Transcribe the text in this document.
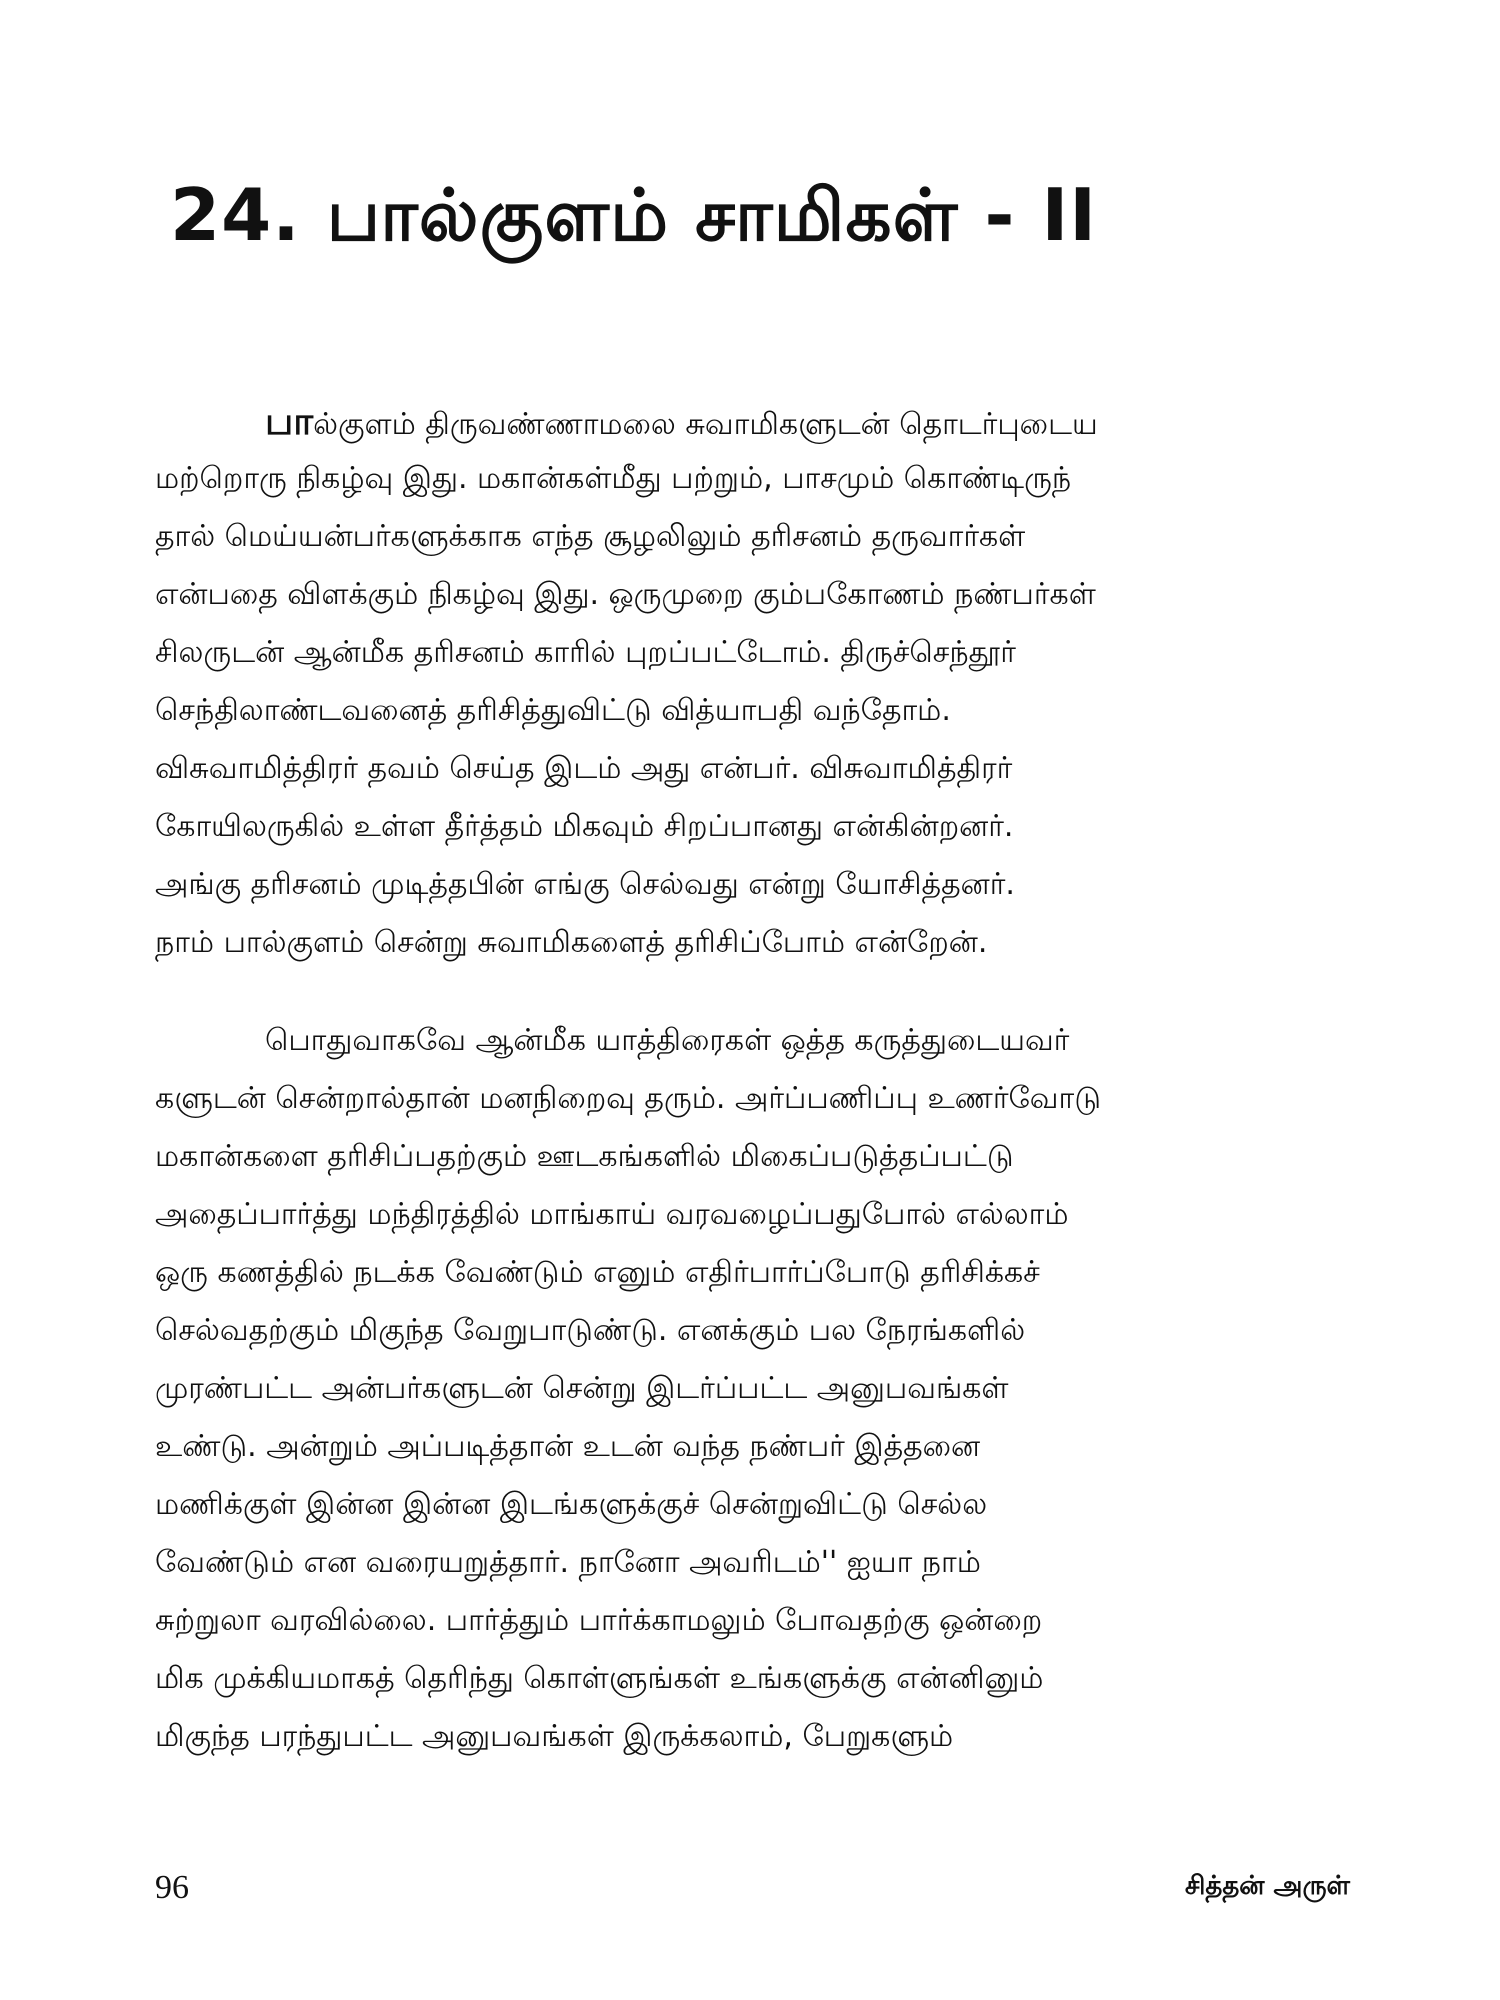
24. பால்குளம் சாமிகள் - II
பால்குளம் திருவண்ணாமலை சுவாமிகளுடன் தொடர்புடைய
மற்றொரு நிகழ்வு இது. மகான்கள்மீது பற்றும், பாசமும் கொண்டிருந்
தால் மெய்யன்பர்களுக்காக எந்த சூழலிலும் தரிசனம் தருவார்கள்
என்பதை விளக்கும் நிகழ்வு இது. ஒருமுறை கும்பகோணம் நண்பர்கள்
சிலருடன் ஆன்மீக தரிசனம் காரில் புறப்பட்டோம். திருச்செந்தூர்
செந்திலாண்டவனைத் தரிசித்துவிட்டு வித்யாபதி வந்தோம்.
விசுவாமித்திரர் தவம் செய்த இடம் அது என்பர். விசுவாமித்திரர்
கோயிலருகில் உள்ள தீர்த்தம் மிகவும் சிறப்பானது என்கின்றனர்.
அங்கு தரிசனம் முடித்தபின் எங்கு செல்வது என்று யோசித்தனர்.
நாம் பால்குளம் சென்று சுவாமிகளைத் தரிசிப்போம் என்றேன்.
பொதுவாகவே ஆன்மீக யாத்திரைகள் ஒத்த கருத்துடையவர்
களுடன் சென்றால்தான் மனநிறைவு தரும். அர்ப்பணிப்பு உணர்வோடு
மகான்களை தரிசிப்பதற்கும் ஊடகங்களில் மிகைப்படுத்தப்பட்டு
அதைப்பார்த்து மந்திரத்தில் மாங்காய் வரவழைப்பதுபோல் எல்லாம்
ஒரு கணத்தில் நடக்க வேண்டும் எனும் எதிர்பார்ப்போடு தரிசிக்கச்
செல்வதற்கும் மிகுந்த வேறுபாடுண்டு. எனக்கும் பல நேரங்களில்
முரண்பட்ட அன்பர்களுடன் சென்று இடர்ப்பட்ட அனுபவங்கள்
உண்டு. அன்றும் அப்படித்தான் உடன் வந்த நண்பர் இத்தனை
மணிக்குள் இன்ன இன்ன இடங்களுக்குச் சென்றுவிட்டு செல்ல
வேண்டும் என வரையறுத்தார். நானோ அவரிடம்'' ஐயா நாம்
சுற்றுலா வரவில்லை. பார்த்தும் பார்க்காமலும் போவதற்கு ஒன்றை
மிக முக்கியமாகத் தெரிந்து கொள்ளுங்கள் உங்களுக்கு என்னினும்
மிகுந்த பரந்துபட்ட அனுபவங்கள் இருக்கலாம், பேறுகளும்
96	சித்தன் அருள்
